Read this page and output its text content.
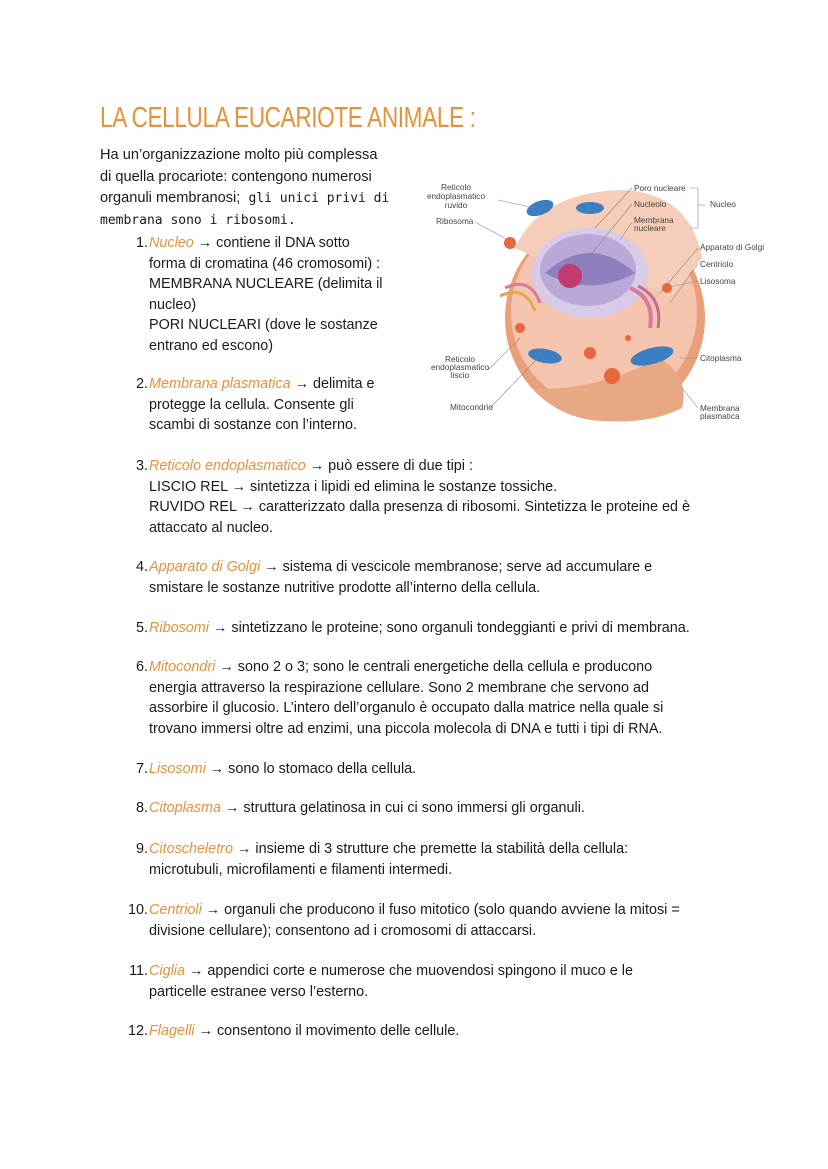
LA CELLULA EUCARIOTE ANIMALE :
Ha un’organizzazione molto più complessa
di quella procariote: contengono numerosi
organuli membranosi; gli unici privi di
membrana sono i ribosomi.
Reticolo
endoplasmatico
ruvido
Ribosoma
Poro nucleare
Nucleolo
Membrana
nucleare
Nucleo
Apparato di Golgi
Centriolo
Lisosoma
Reticolo
endoplasmatico
liscio
Citoplasma
Mitocondrio	Membrana
plasmatica
1. Nucleo → contiene il DNA sotto
forma di cromatina (46 cromosomi) :
MEMBRANA NUCLEARE (delimita il
nucleo)
PORI NUCLEARI (dove le sostanze
entrano ed escono)
2. Membrana plasmatica → delimita e
protegge la cellula. Consente gli
scambi di sostanze con l’interno.
3. Reticolo endoplasmatico → può essere di due tipi :
LISCIO REL → sintetizza i lipidi ed elimina le sostanze tossiche.
RUVIDO REL → caratterizzato dalla presenza di ribosomi. Sintetizza le proteine ed è
attaccato al nucleo.
4. Apparato di Golgi → sistema di vescicole membranose; serve ad accumulare e
smistare le sostanze nutritive prodotte all’interno della cellula.
5. Ribosomi → sintetizzano le proteine; sono organuli tondeggianti e privi di membrana.
6. Mitocondri → sono 2 o 3; sono le centrali energetiche della cellula e producono
energia attraverso la respirazione cellulare. Sono 2 membrane che servono ad
assorbire il glucosio. L’intero dell’organulo è occupato dalla matrice nella quale si
trovano immersi oltre ad enzimi, una piccola molecola di DNA e tutti i tipi di RNA.
7. Lisosomi → sono lo stomaco della cellula.
8. Citoplasma → struttura gelatinosa in cui ci sono immersi gli organuli.
9. Citoscheletro → insieme di 3 strutture che premette la stabilità della cellula:
microtubuli, microfilamenti e filamenti intermedi.
10. Centrioli → organuli che producono il fuso mitotico (solo quando avviene la mitosi =
divisione cellulare); consentono ad i cromosomi di attaccarsi.
11. Ciglia → appendici corte e numerose che muovendosi spingono il muco e le
particelle estranee verso l’esterno.
12. Flagelli → consentono il movimento delle cellule.
